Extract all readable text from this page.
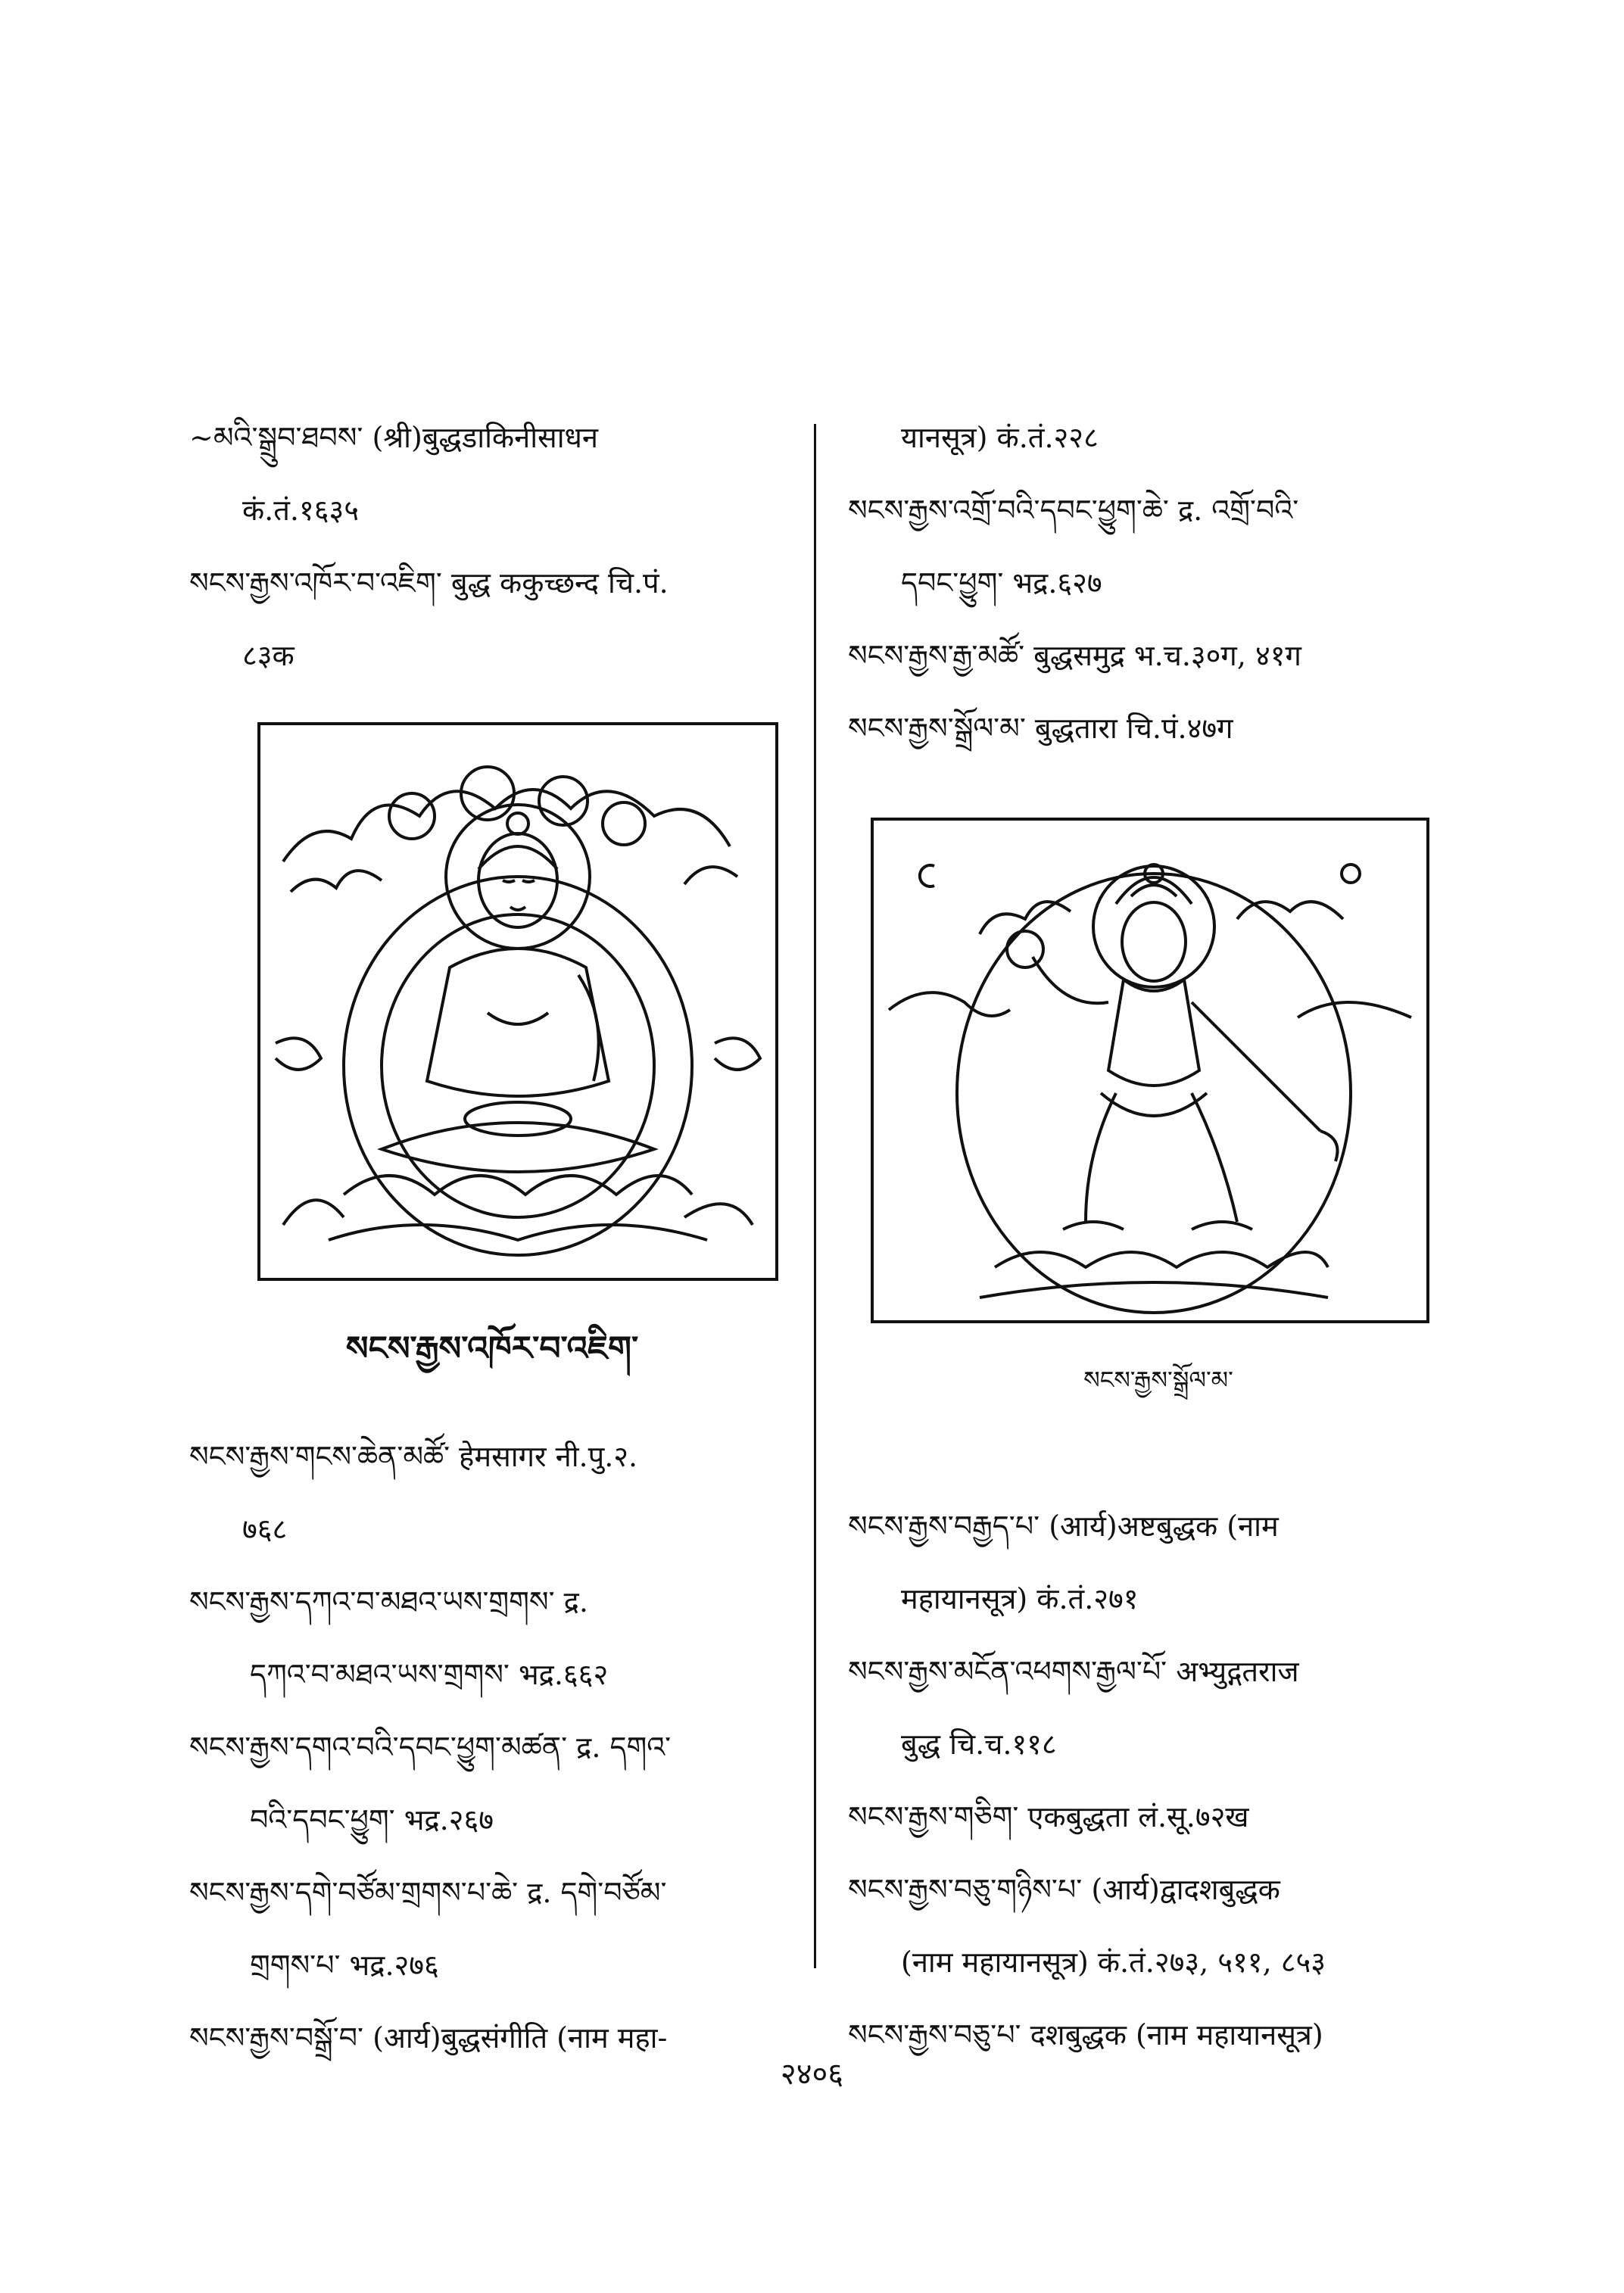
~མའི་སྒྲུབ་ཐབས་ (श्री)बुद्धडाकिनीसाधन
कं.तं.१६३५
སངས་རྒྱས་འཁོར་བ་འཇིག་ बुद्ध ककुच्छन्द चि.पं.
८३क
སངས་རྒྱས་འཁོར་བ་འཇིག་
སངས་རྒྱས་གངས་ཆེན་མཚོ་ हेमसागर नी.पु.२.
७६८
སངས་རྒྱས་དཀའ་བ་མཐའ་ཡས་གྲགས་ द्र.
དཀའ་བ་མཐའ་ཡས་གྲགས་ भद्र.६६२
སངས་རྒྱས་དགའ་བའི་དབང་ཕྱུག་མཚན་ द्र. དགའ་
བའི་དབང་ཕྱུག་ भद्र.२६७
སངས་རྒྱས་དགེ་བཙོམ་གྲགས་པ་ཆེ་ द्र. དགེ་བཙོམ་
གྲགས་པ་ भद्र.२७६
སངས་རྒྱས་བསྒྲོ་བ་ (आर्य)बुद्धसंगीति (नाम महा-
यानसूत्र) कं.तं.२२८
སངས་རྒྱས་འགྲོ་བའི་དབང་ཕྱུག་ཆེ་ द्र. འགྲོ་བའི་
དབང་ཕྱུག་ भद्र.६२७
སངས་རྒྱས་རྒྱ་མཚོ་ बुद्धसमुद्र भ.च.३०ग, ४१ग
སངས་རྒྱས་སྒྲོལ་མ་ बुद्धतारा चि.पं.४७ग
སངས་རྒྱས་སྒྲོལ་མ་
སངས་རྒྱས་བརྒྱད་པ་ (आर्य)अष्टबुद्धक (नाम
महायानसूत्र) कं.तं.२७१
སངས་རྒྱས་མངོན་འཕགས་རྒྱལ་པོ་ अभ्युद्गतराज
बुद्ध चि.च.११८
སངས་རྒྱས་གཅིག་ एकबुद्धता लं.सू.७२ख
སངས་རྒྱས་བཅུ་གཉིས་པ་ (आर्य)द्वादशबुद्धक
(नाम महायानसूत्र) कं.तं.२७३, ५११, ८५३
སངས་རྒྱས་བཅུ་པ་ दशबुद्धक (नाम महायानसूत्र)
२४०६
